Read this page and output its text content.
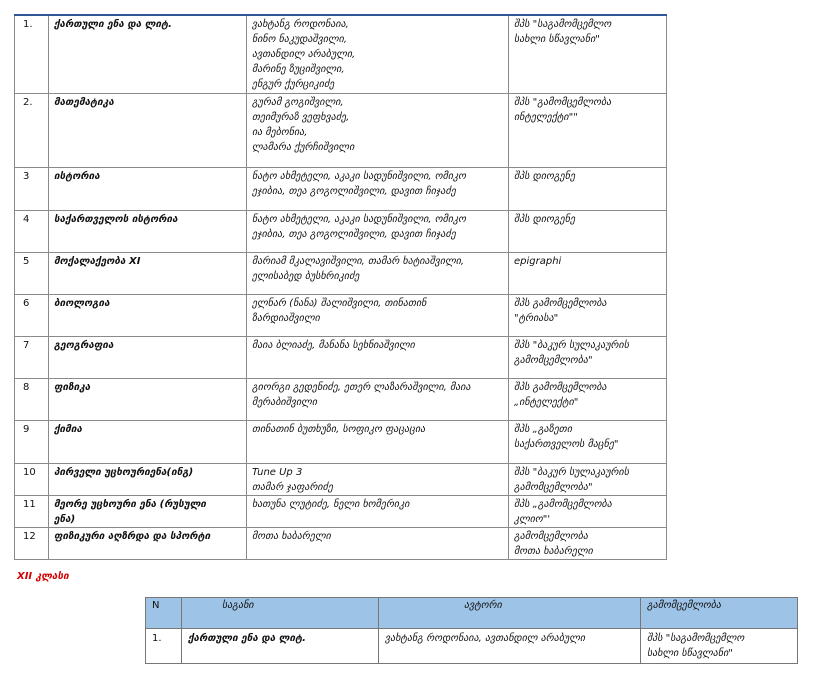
1.	ქართული ენა და ლიტ.	ვახტანგ როდონაია,
ნინო ნაკუდაშვილი,
ავთანდილ არაბული,
მარინე ზუციშვილი,
ენგურ ქურციკიძე	შპს "საგამომცემლო
სახლი სწავლანი"
2.	მათემატიკა	გურამ გოგიშვილი,
თეიმურაზ ვეფხვაძე,
ია მებონია,
ლამარა ქურჩიშვილი	შპს "გამომცემლობა
ინტელექტი""
3	ისტორია	ნატო ახმეტელი, აკაკი სადუნიშვილი, ომიკო
ეჯიბია, თეა გოგოლიშვილი, დავით ჩიჯაძე	შპს დიოგენე
4	საქართველოს ისტორია	ნატო ახმეტელი, აკაკი სადუნიშვილი, ომიკო
ეჯიბია, თეა გოგოლიშვილი, დავით ჩიჯაძე	შპს დიოგენე
5	მოქალაქეობა XI	მარიამ მკალავიშვილი, თამარ ხატიაშვილი,
ელისაბედ ბუსხრიკიძე	epigraphi
6	ბიოლოგია	ელნარ (ნანა) შალიშვილი, თინათინ
ზარდიაშვილი	შპს გამომცემლობა
"ტრიასა"
7	გეოგრაფია	მაია ბლიაძე, მანანა სეხნიაშვილი	შპს "ბაკურ სულაკაურის
გამომცემლობა"
8	ფიზიკა	გიორგი გედენიძე, ეთერ ლაზარაშვილი, მაია
მერაბიშვილი	შპს გამომცემლობა
„ინტელექტი"
9	ქიმია	თინათინ ბუთხუზი, სოფიკო ფაცაცია	შპს „გაზეთი
საქართველოს მაცნე"
10	პირველი უცხოურიენა(ინგ)	Tune Up 3
თამარ ჯაფარიძე	შპს "ბაკურ სულაკაურის
გამომცემლობა"
11	მეორე უცხოური ენა (რუსული
ენა)	ხათუნა ლუტიძე, ნელი ხომერიკი	შპს „გამომცემლობა
კლიო"'
12	ფიზიკური აღზრდა და სპორტი	მოთა ხაბარელი	გამომცემლობა
მოთა ხაბარელი
XII კლასი
N	საგანი	ავტორი	გამომცემლობა
1.	ქართული ენა და ლიტ.	ვახტანგ როდონაია, ავთანდილ არაბული	შპს "საგამომცემლო
სახლი სწავლანი"
